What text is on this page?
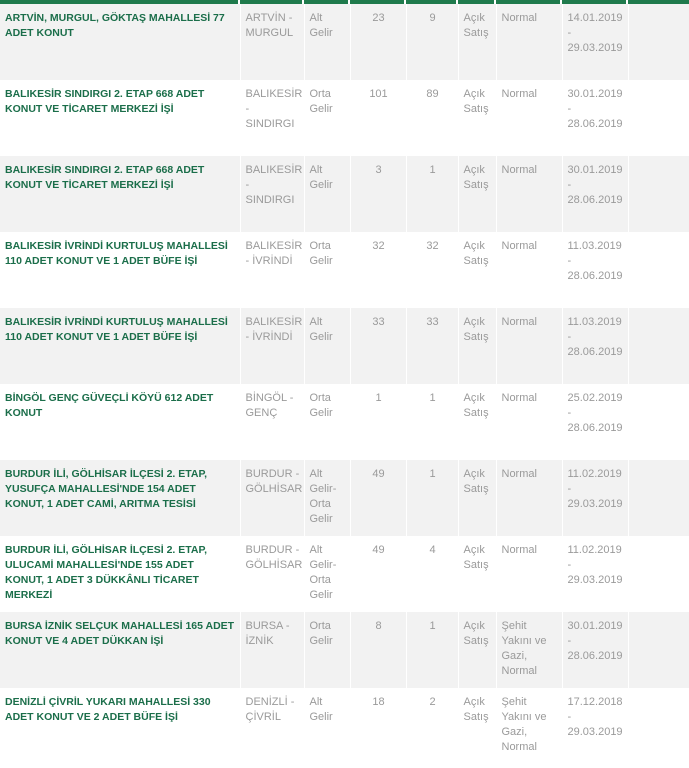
ARTVİN, MURGUL, GÖKTAŞ MAHALLESİ 77 ADET KONUT	ARTVİN - MURGUL	Alt Gelir	23	9	Açık Satış	Normal	14.01.2019 - 29.03.2019	
BALIKESİR SINDIRGI 2. ETAP 668 ADET KONUT VE TİCARET MERKEZİ İŞİ	BALIKESİR - SINDIRGI	Orta Gelir	101	89	Açık Satış	Normal	30.01.2019 - 28.06.2019	
BALIKESİR SINDIRGI 2. ETAP 668 ADET KONUT VE TİCARET MERKEZİ İŞİ	BALIKESİR - SINDIRGI	Alt Gelir	3	1	Açık Satış	Normal	30.01.2019 - 28.06.2019	
BALIKESİR İVRİNDİ KURTULUŞ MAHALLESİ 110 ADET KONUT VE 1 ADET BÜFE İŞİ	BALIKESİR - İVRİNDİ	Orta Gelir	32	32	Açık Satış	Normal	11.03.2019 - 28.06.2019	
BALIKESİR İVRİNDİ KURTULUŞ MAHALLESİ 110 ADET KONUT VE 1 ADET BÜFE İŞİ	BALIKESİR - İVRİNDİ	Alt Gelir	33	33	Açık Satış	Normal	11.03.2019 - 28.06.2019	
BİNGÖL GENÇ GÜVEÇLİ KÖYÜ 612 ADET KONUT	BİNGÖL - GENÇ	Orta Gelir	1	1	Açık Satış	Normal	25.02.2019 - 28.06.2019	
BURDUR İLİ, GÖLHİSAR İLÇESİ 2. ETAP, YUSUFÇA MAHALLESİ'NDE 154 ADET KONUT, 1 ADET CAMİ, ARITMA TESİSİ	BURDUR - GÖLHİSAR	Alt Gelir-Orta Gelir	49	1	Açık Satış	Normal	11.02.2019 - 29.03.2019	
BURDUR İLİ, GÖLHİSAR İLÇESİ 2. ETAP, ULUCAMİ MAHALLESİ'NDE 155 ADET KONUT, 1 ADET 3 DÜKKÂNLI TİCARET MERKEZİ	BURDUR - GÖLHİSAR	Alt Gelir-Orta Gelir	49	4	Açık Satış	Normal	11.02.2019 - 29.03.2019	
BURSA İZNİK SELÇUK MAHALLESİ 165 ADET KONUT VE 4 ADET DÜKKAN İŞİ	BURSA - İZNİK	Orta Gelir	8	1	Açık Satış	Şehit Yakını ve Gazi, Normal	30.01.2019 - 28.06.2019	
DENİZLİ ÇİVRİL YUKARI MAHALLESİ 330 ADET KONUT VE 2 ADET BÜFE İŞİ	DENİZLİ - ÇİVRİL	Alt Gelir	18	2	Açık Satış	Şehit Yakını ve Gazi, Normal	17.12.2018 - 29.03.2019	
